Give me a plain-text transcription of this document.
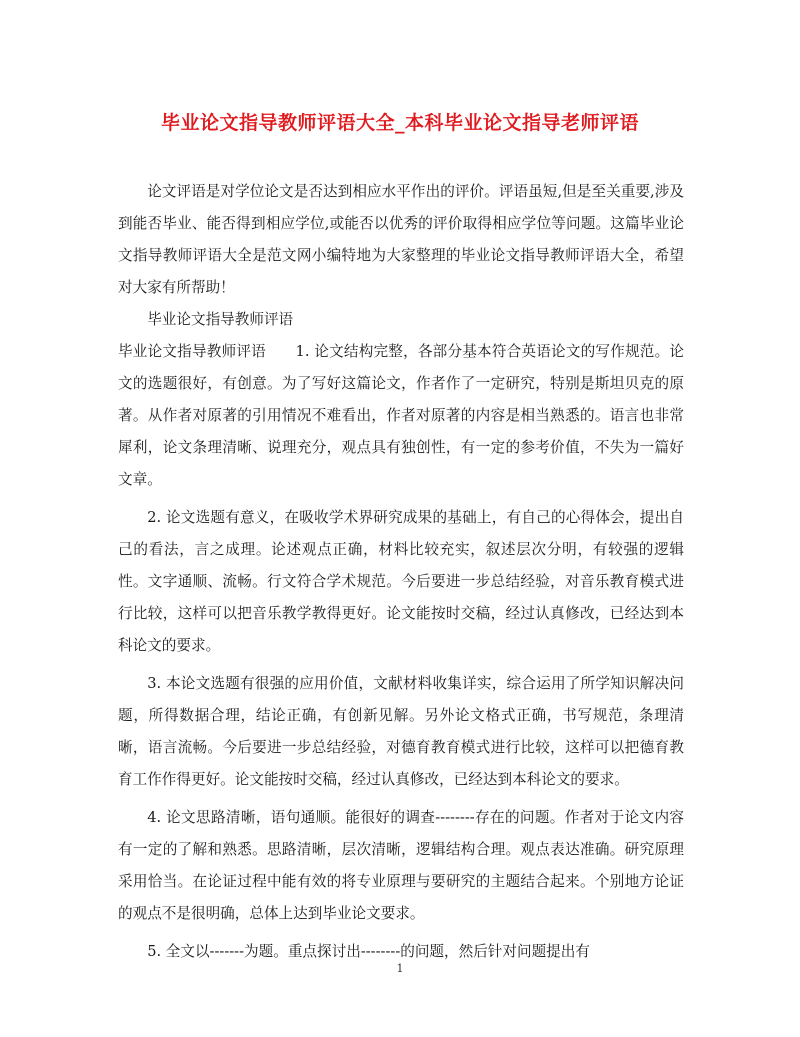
毕业论文指导教师评语大全_本科毕业论文指导老师评语

论文评语是对学位论文是否达到相应水平作出的评价。评语虽短,但是至关重要,涉及到能否毕业、能否得到相应学位,或能否以优秀的评价取得相应学位等问题。这篇毕业论文指导教师评语大全是范文网小编特地为大家整理的毕业论文指导教师评语大全，希望对大家有所帮助！

毕业论文指导教师评语

毕业论文指导教师评语　　1. 论文结构完整，各部分基本符合英语论文的写作规范。论文的选题很好，有创意。为了写好这篇论文，作者作了一定研究，特别是斯坦贝克的原著。从作者对原著的引用情况不难看出，作者对原著的内容是相当熟悉的。语言也非常犀利，论文条理清晰、说理充分，观点具有独创性，有一定的参考价值，不失为一篇好文章。

2. 论文选题有意义，在吸收学术界研究成果的基础上，有自己的心得体会，提出自己的看法，言之成理。论述观点正确，材料比较充实，叙述层次分明，有较强的逻辑性。文字通顺、流畅。行文符合学术规范。今后要进一步总结经验，对音乐教育模式进行比较，这样可以把音乐教学教得更好。论文能按时交稿，经过认真修改，已经达到本科论文的要求。

3. 本论文选题有很强的应用价值，文献材料收集详实，综合运用了所学知识解决问题，所得数据合理，结论正确，有创新见解。另外论文格式正确，书写规范，条理清晰，语言流畅。今后要进一步总结经验，对德育教育模式进行比较，这样可以把德育教育工作作得更好。论文能按时交稿，经过认真修改，已经达到本科论文的要求。

4. 论文思路清晰，语句通顺。能很好的调查--------存在的问题。作者对于论文内容有一定的了解和熟悉。思路清晰，层次清晰，逻辑结构合理。观点表达准确。研究原理采用恰当。在论证过程中能有效的将专业原理与要研究的主题结合起来。个别地方论证的观点不是很明确，总体上达到毕业论文要求。

5. 全文以-------为题。重点探讨出--------的问题，然后针对问题提出有

1
